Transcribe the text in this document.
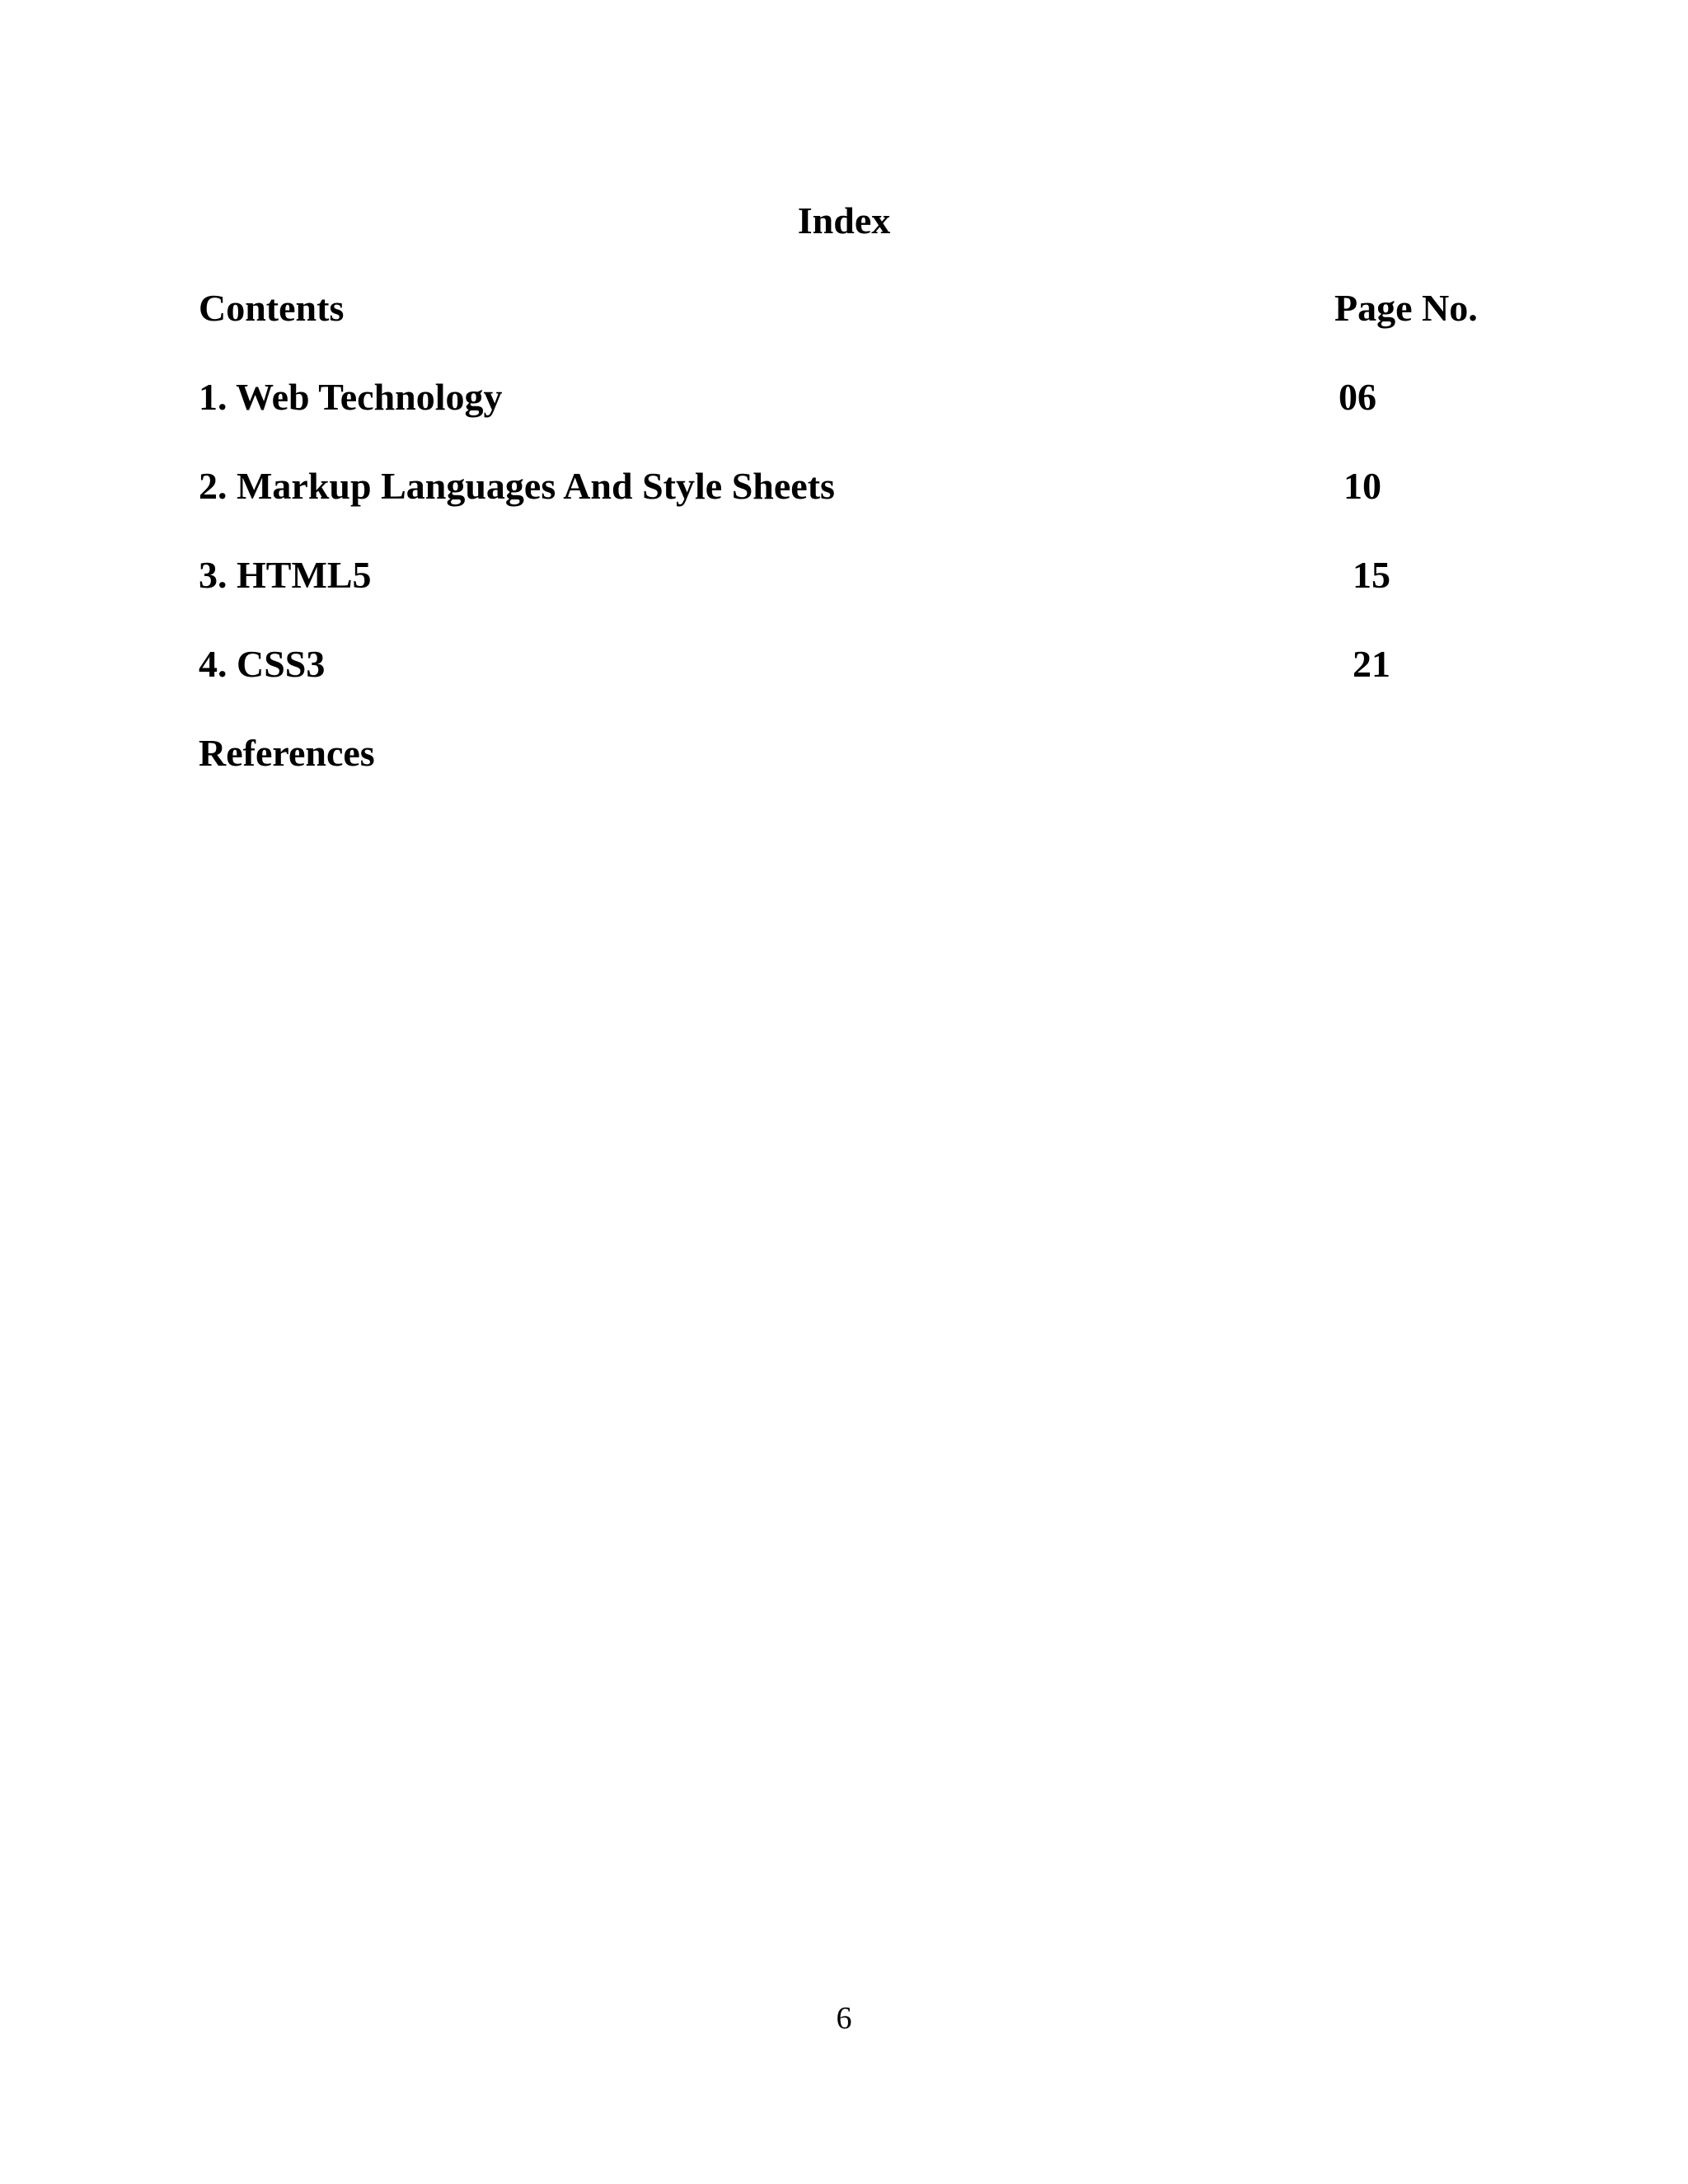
Index
Contents	Page No.
1. Web Technology	06
2. Markup Languages And Style Sheets	10
3. HTML5	15
4. CSS3	21
References
6
